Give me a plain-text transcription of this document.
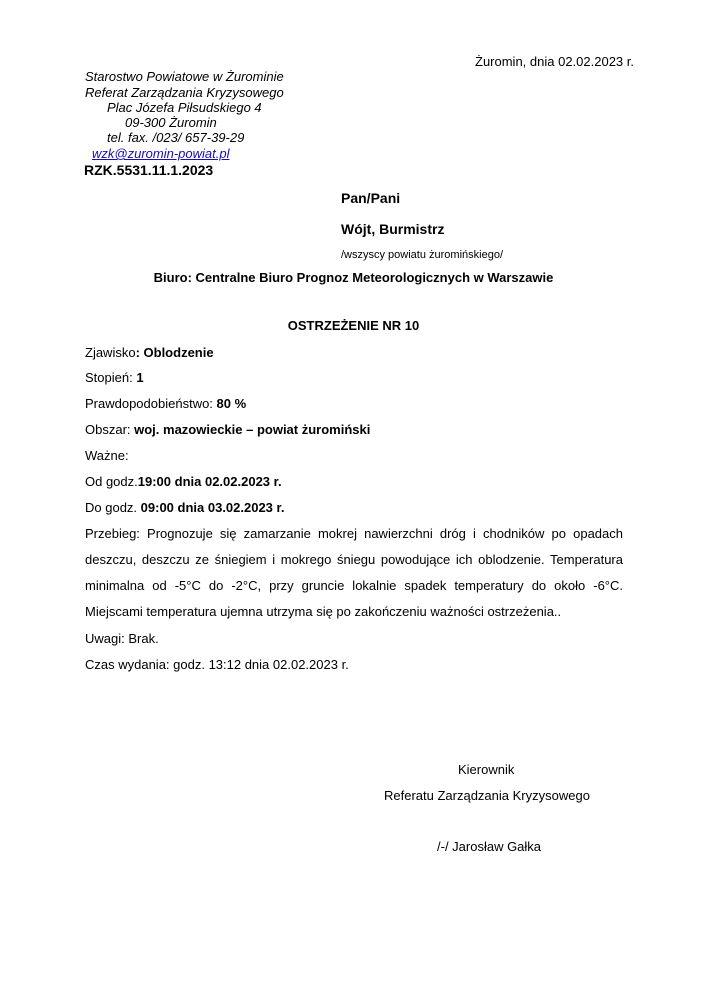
Żuromin, dnia 02.02.2023 r.
Starostwo Powiatowe w Żurominie
Referat Zarządzania Kryzysowego
Plac Józefa Piłsudskiego 4
09-300 Żuromin
tel. fax. /023/ 657-39-29
wzk@zuromin-powiat.pl
RZK.5531.11.1.2023
Pan/Pani
Wójt, Burmistrz
/wszyscy powiatu żuromińskiego/
Biuro: Centralne Biuro Prognoz Meteorologicznych w Warszawie
OSTRZEŻENIE NR 10
Zjawisko: Oblodzenie
Stopień: 1
Prawdopodobieństwo: 80 %
Obszar: woj. mazowieckie – powiat żuromiński
Ważne:
Od godz.19:00 dnia 02.02.2023 r.
Do godz. 09:00 dnia 03.02.2023 r.
Przebieg: Prognozuje się zamarzanie mokrej nawierzchni dróg i chodników po opadach deszczu, deszczu ze śniegiem i mokrego śniegu powodujące ich oblodzenie. Temperatura minimalna od -5°C do -2°C, przy gruncie lokalnie spadek temperatury do około -6°C. Miejscami temperatura ujemna utrzyma się po zakończeniu ważności ostrzeżenia..
Uwagi: Brak.
Czas wydania: godz. 13:12 dnia 02.02.2023 r.
Kierownik
Referatu Zarządzania Kryzysowego
/-/ Jarosław Gałka
